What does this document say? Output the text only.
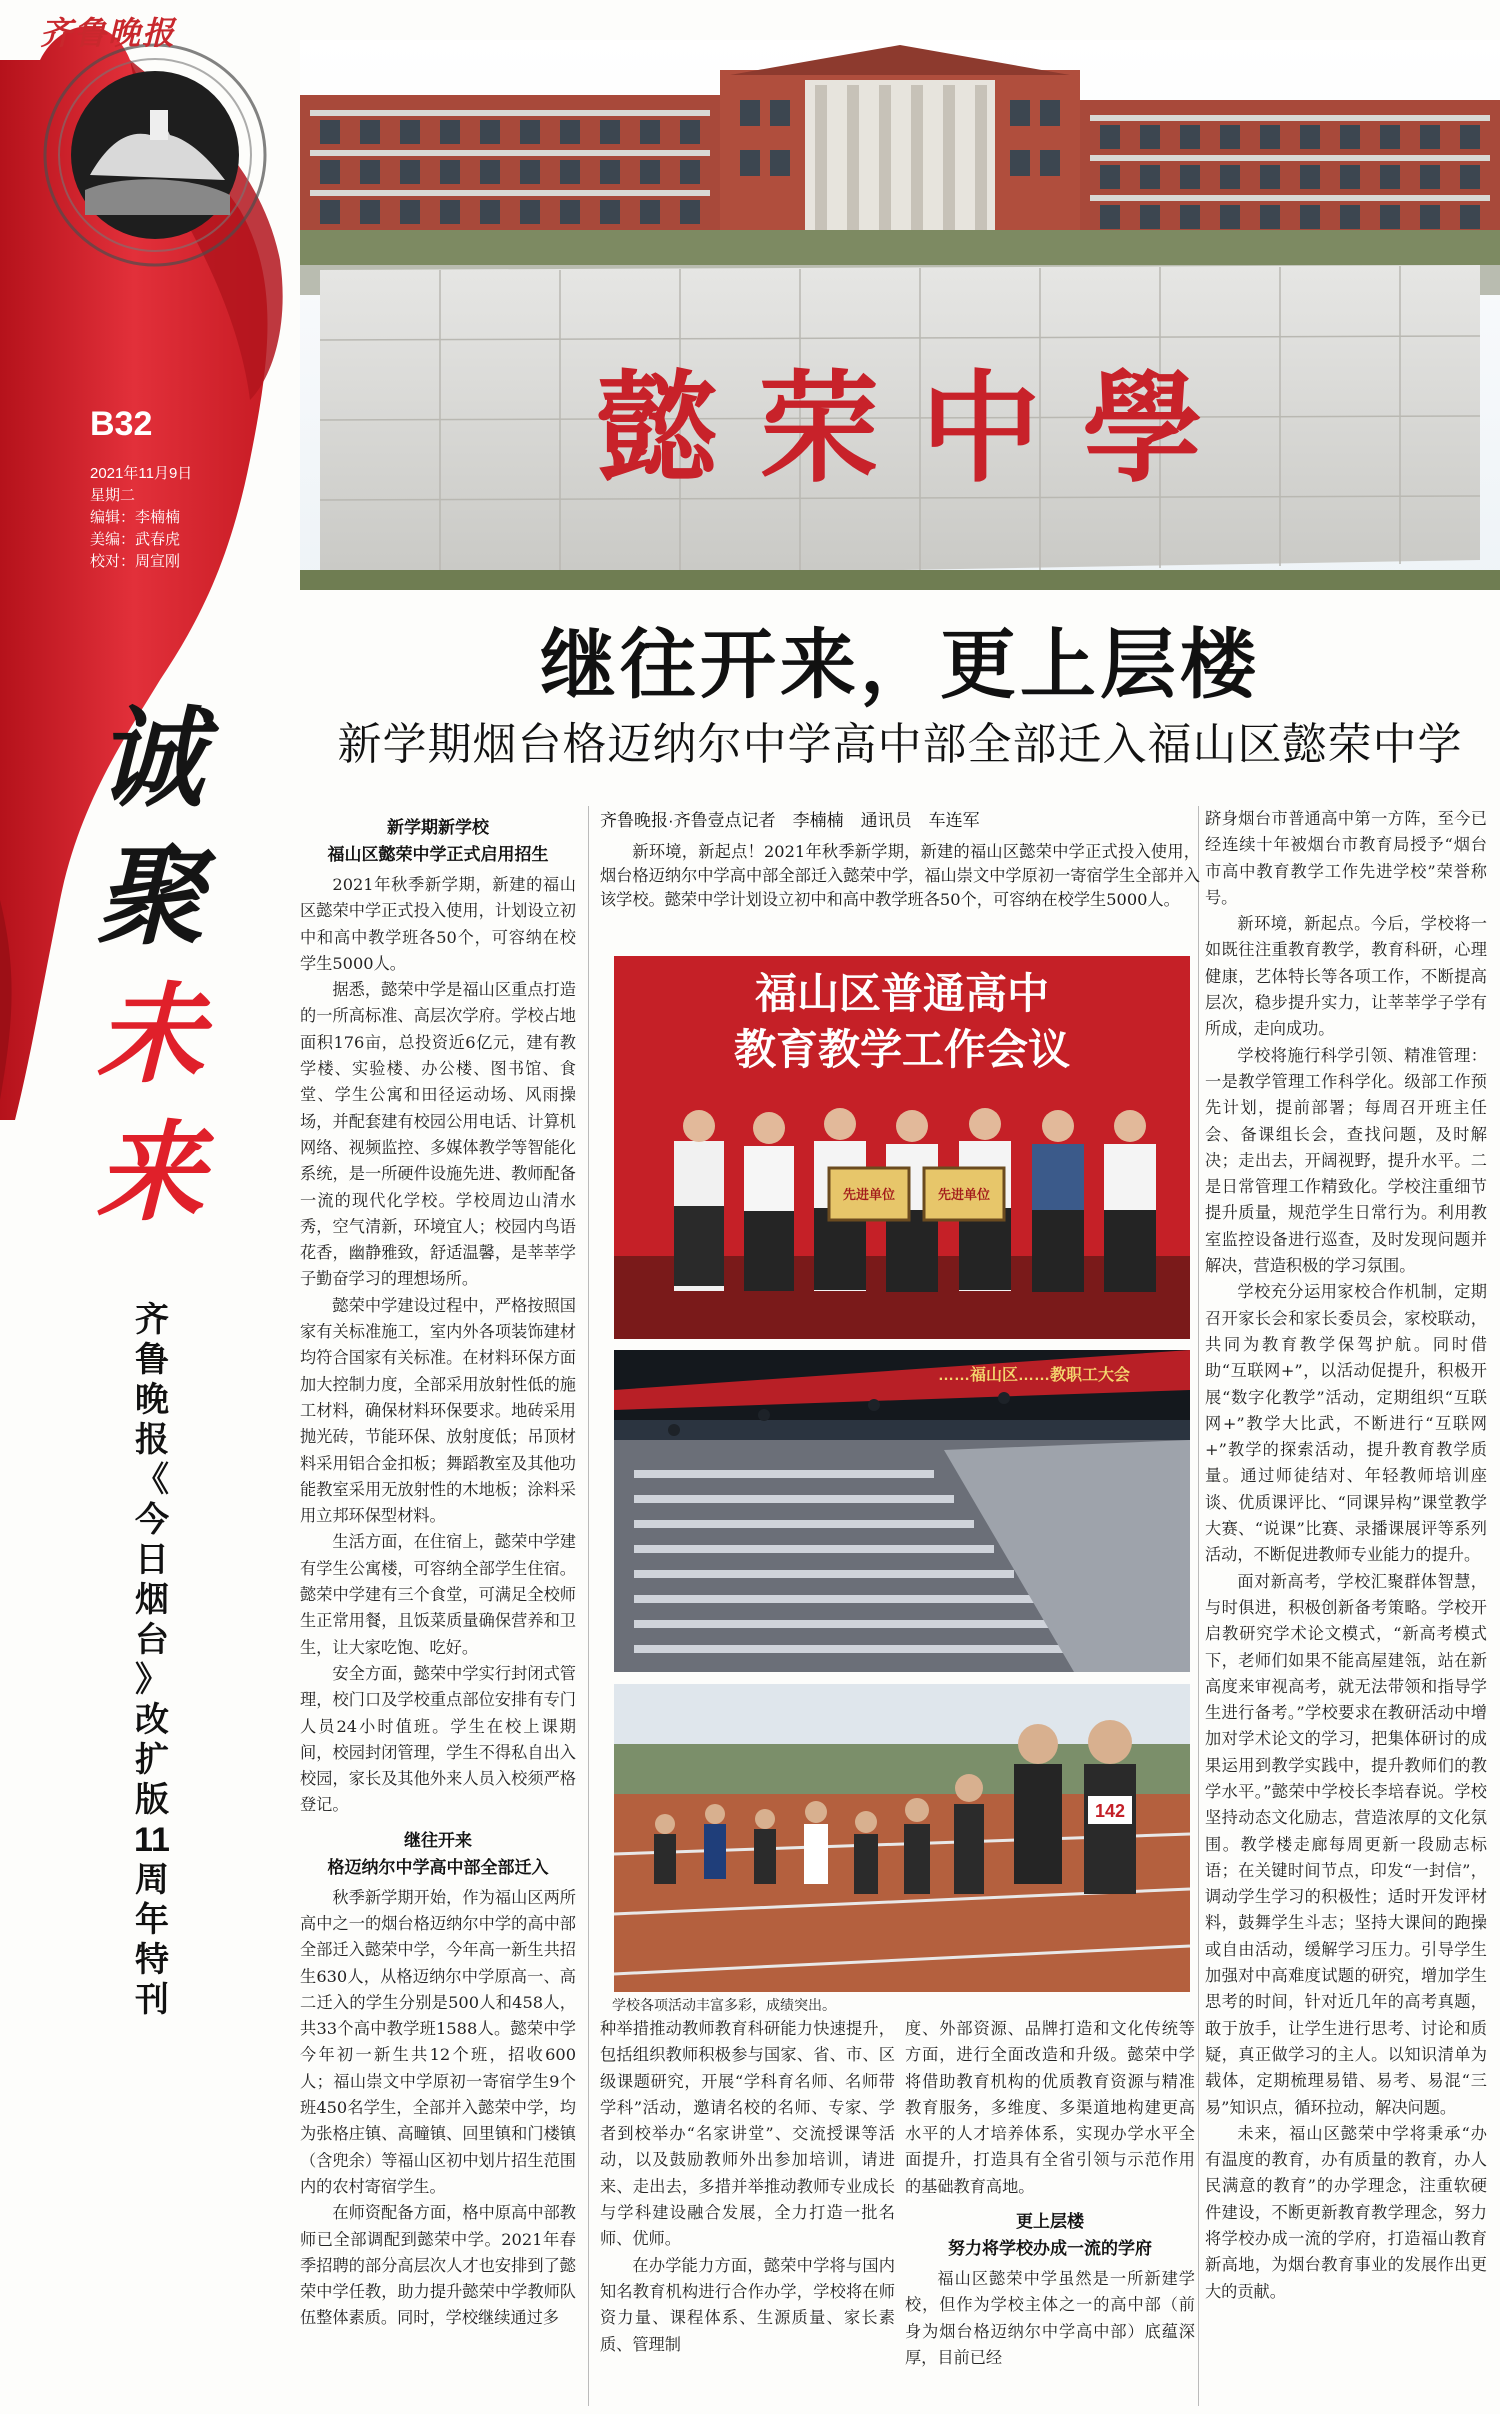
齐鲁晚报
B32
2021年11月9日
星期二
编辑：李楠楠
美编：武春虎
校对：周宣刚
诚
聚
未
来
齐
鲁
晚
报
《
今
日
烟
台
》
改
扩
版
11
周
年
特
刊
懿 荣 中 學
继往开来，更上层楼
新学期烟台格迈纳尔中学高中部全部迁入福山区懿荣中学
新学期新学校
福山区懿荣中学正式启用招生

2021年秋季新学期，新建的福山区懿荣中学正式投入使用，计划设立初中和高中教学班各50个，可容纳在校学生5000人。

据悉，懿荣中学是福山区重点打造的一所高标准、高层次学府。学校占地面积176亩，总投资近6亿元，建有教学楼、实验楼、办公楼、图书馆、食堂、学生公寓和田径运动场、风雨操场，并配套建有校园公用电话、计算机网络、视频监控、多媒体教学等智能化系统，是一所硬件设施先进、教师配备一流的现代化学校。学校周边山清水秀，空气清新，环境宜人；校园内鸟语花香，幽静雅致，舒适温馨，是莘莘学子勤奋学习的理想场所。

懿荣中学建设过程中，严格按照国家有关标准施工，室内外各项装饰建材均符合国家有关标准。在材料环保方面加大控制力度，全部采用放射性低的施工材料，确保材料环保要求。地砖采用抛光砖，节能环保、放射度低；吊顶材料采用铝合金扣板；舞蹈教室及其他功能教室采用无放射性的木地板；涂料采用立邦环保型材料。

生活方面，在住宿上，懿荣中学建有学生公寓楼，可容纳全部学生住宿。懿荣中学建有三个食堂，可满足全校师生正常用餐，且饭菜质量确保营养和卫生，让大家吃饱、吃好。

安全方面，懿荣中学实行封闭式管理，校门口及学校重点部位安排有专门人员24小时值班。学生在校上课期间，校园封闭管理，学生不得私自出入校园，家长及其他外来人员入校须严格登记。

继往开来
格迈纳尔中学高中部全部迁入

秋季新学期开始，作为福山区两所高中之一的烟台格迈纳尔中学的高中部全部迁入懿荣中学，今年高一新生共招生630人，从格迈纳尔中学原高一、高二迁入的学生分别是500人和458人，共33个高中教学班1588人。懿荣中学今年初一新生共12个班，招收600人；福山崇文中学原初一寄宿学生9个班450名学生，全部并入懿荣中学，均为张格庄镇、高疃镇、回里镇和门楼镇（含兜余）等福山区初中划片招生范围内的农村寄宿学生。

在师资配备方面，格中原高中部教师已全部调配到懿荣中学。2021年春季招聘的部分高层次人才也安排到了懿荣中学任教，助力提升懿荣中学教师队伍整体素质。同时，学校继续通过多

齐鲁晚报·齐鲁壹点记者　李楠楠　通讯员　车连军

新环境，新起点！2021年秋季新学期，新建的福山区懿荣中学正式投入使用，烟台格迈纳尔中学高中部全部迁入懿荣中学，福山崇文中学原初一寄宿学生全部并入该学校。懿荣中学计划设立初中和高中教学班各50个，可容纳在校学生5000人。

福山区普通高中
教育教学工作会议
先进单位	先进单位
……福山区……教职工大会
142
学校各项活动丰富多彩，成绩突出。

种举措推动教师教育科研能力快速提升，包括组织教师积极参与国家、省、市、区级课题研究，开展“学科育名师、名师带学科”活动，邀请名校的名师、专家、学者到校举办“名家讲堂”、交流授课等活动，以及鼓励教师外出参加培训，请进来、走出去，多措并举推动教师专业成长与学科建设融合发展，全力打造一批名师、优师。

在办学能力方面，懿荣中学将与国内知名教育机构进行合作办学，学校将在师资力量、课程体系、生源质量、家长素质、管理制

度、外部资源、品牌打造和文化传统等方面，进行全面改造和升级。懿荣中学将借助教育机构的优质教育资源与精准教育服务，多维度、多渠道地构建更高水平的人才培养体系，实现办学水平全面提升，打造具有全省引领与示范作用的基础教育高地。

更上层楼
努力将学校办成一流的学府

福山区懿荣中学虽然是一所新建学校，但作为学校主体之一的高中部（前身为烟台格迈纳尔中学高中部）底蕴深厚，目前已经

跻身烟台市普通高中第一方阵，至今已经连续十年被烟台市教育局授予“烟台市高中教育教学工作先进学校”荣誉称号。

新环境，新起点。今后，学校将一如既往注重教育教学，教育科研，心理健康，艺体特长等各项工作，不断提高层次，稳步提升实力，让莘莘学子学有所成，走向成功。

学校将施行科学引领、精准管理：一是教学管理工作科学化。级部工作预先计划，提前部署；每周召开班主任会、备课组长会，查找问题，及时解决；走出去，开阔视野，提升水平。二是日常管理工作精致化。学校注重细节提升质量，规范学生日常行为。利用教室监控设备进行巡查，及时发现问题并解决，营造积极的学习氛围。

学校充分运用家校合作机制，定期召开家长会和家长委员会，家校联动，共同为教育教学保驾护航。同时借助“互联网+”，以活动促提升，积极开展“数字化教学”活动，定期组织“互联网+”教学大比武，不断进行“互联网+”教学的探索活动，提升教育教学质量。通过师徒结对、年轻教师培训座谈、优质课评比、“同课异构”课堂教学大赛、“说课”比赛、录播课展评等系列活动，不断促进教师专业能力的提升。

面对新高考，学校汇聚群体智慧，与时俱进，积极创新备考策略。学校开启教研究学术论文模式，“新高考模式下，老师们如果不能高屋建瓴，站在新高度来审视高考，就无法带领和指导学生进行备考。”学校要求在教研活动中增加对学术论文的学习，把集体研讨的成果运用到教学实践中，提升教师们的教学水平。”懿荣中学校长李培春说。学校坚持动态文化励志，营造浓厚的文化氛围。教学楼走廊每周更新一段励志标语；在关键时间节点，印发“一封信”，调动学生学习的积极性；适时开发评材料，鼓舞学生斗志；坚持大课间的跑操或自由活动，缓解学习压力。引导学生加强对中高难度试题的研究，增加学生思考的时间，针对近几年的高考真题，敢于放手，让学生进行思考、讨论和质疑，真正做学习的主人。以知识清单为载体，定期梳理易错、易考、易混“三易”知识点，循环拉动，解决问题。

未来，福山区懿荣中学将秉承“办有温度的教育，办有质量的教育，办人民满意的教育”的办学理念，注重软硬件建设，不断更新教育教学理念，努力将学校办成一流的学府，打造福山教育新高地，为烟台教育事业的发展作出更大的贡献。
